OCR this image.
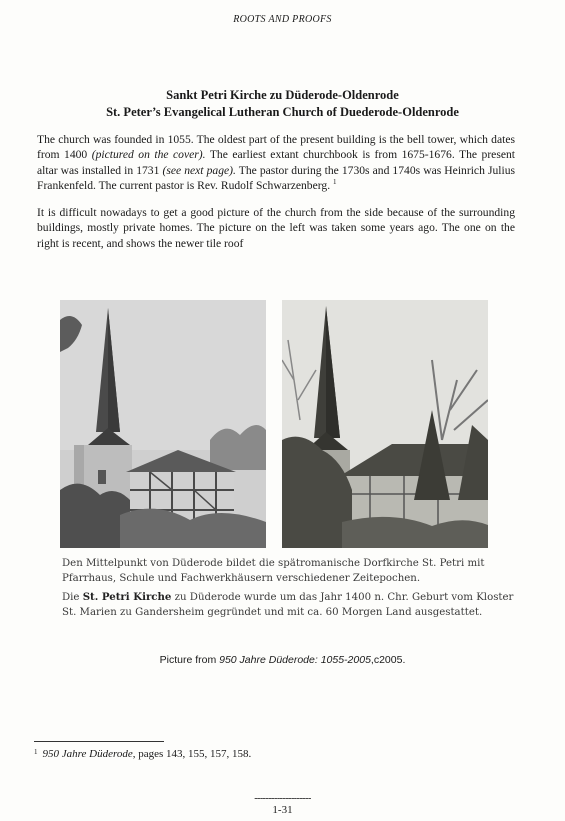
ROOTS AND PROOFS
Sankt Petri Kirche zu Düderode-Oldenrode
St. Peter’s Evangelical Lutheran Church of Duederode-Oldenrode
The church was founded in 1055. The oldest part of the present building is the bell tower, which dates from 1400 (pictured on the cover). The earliest extant churchbook is from 1675-1676. The present altar was installed in 1731 (see next page). The pastor during the 1730s and 1740s was Heinrich Julius Frankenfeld. The current pastor is Rev. Rudolf Schwarzenberg. $^1$
It is difficult nowadays to get a good picture of the church from the side because of the surrounding buildings, mostly private homes. The picture on the left was taken some years ago. The one on the right is recent, and shows the newer tile roof
Den Mittelpunkt von Düderode bildet die spätromanische Dorfkirche St. Petri mit
Pfarrhaus, Schule und Fachwerkhäusern verschiedener Zeitepochen.
Die St. Petri Kirche zu Düderode wurde um das Jahr 1400 n. Chr. Geburt vom Kloster
St. Marien zu Gandersheim gegründet und mit ca. 60 Morgen Land ausgestattet.
Picture from 950 Jahre Düderode: 1055-2005,c2005.
$^1$ 950 Jahre Düderode, pages 143, 155, 157, 158.
--------------------
1-31
